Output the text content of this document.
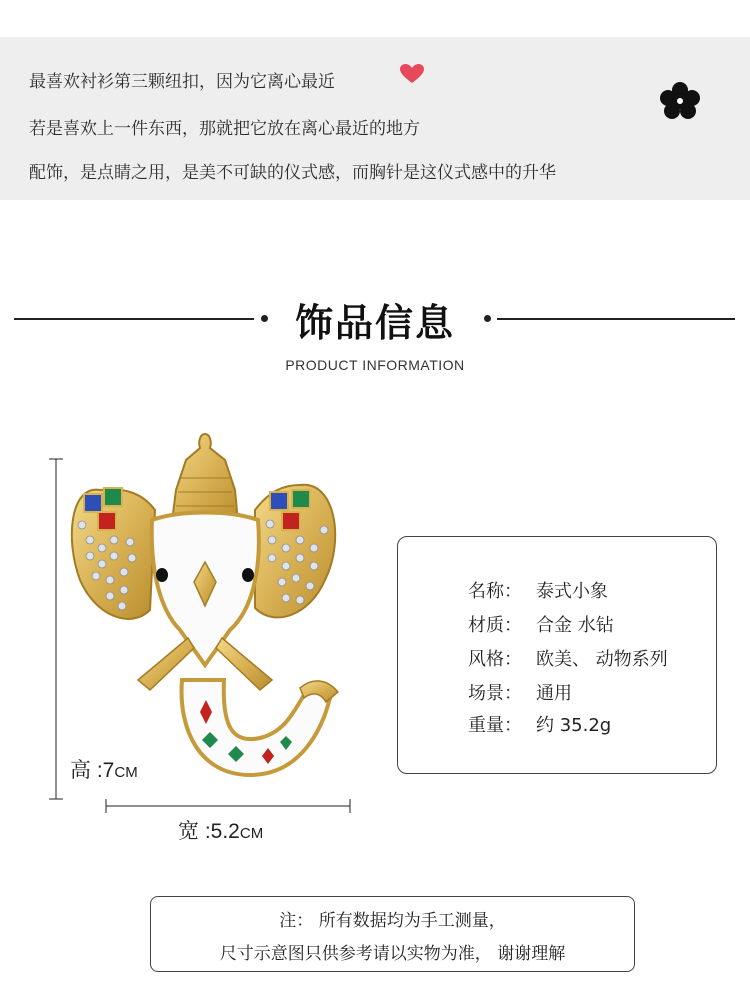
最喜欢衬衫第三颗纽扣，因为它离心最近
若是喜欢上一件东西，那就把它放在离心最近的地方
配饰，是点睛之用，是美不可缺的仪式感，而胸针是这仪式感中的升华
饰品信息
PRODUCT INFORMATION
高 :7CM
宽 :5.2CM
名称： 泰式小象
材质： 合金 水钻
风格： 欧美、 动物系列
场景： 通用
重量： 约 35.2g
注： 所有数据均为手工测量，
尺寸示意图只供参考请以实物为准， 谢谢理解
